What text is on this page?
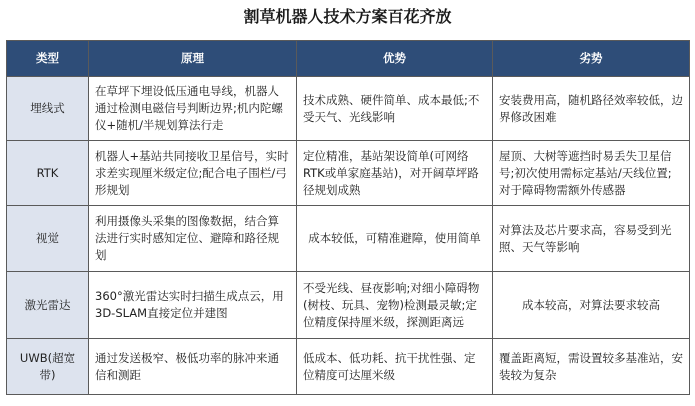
割草机器人技术方案百花齐放
类型	原理	优势	劣势
埋线式	在草坪下埋设低压通电导线，机器人通过检测电磁信号判断边界;机内陀螺仪+随机/半规划算法行走	技术成熟、硬件简单、成本最低;不受天气、光线影响	安装费用高，随机路径效率较低，边界修改困难
RTK	机器人+基站共同接收卫星信号，实时求差实现厘米级定位;配合电子围栏/弓形规划	定位精准，基站架设简单(可网络RTK或单家庭基站)，对开阔草坪路径规划成熟	屋顶、大树等遮挡时易丢失卫星信号;初次使用需标定基站/天线位置;对于障碍物需额外传感器
视觉	利用摄像头采集的图像数据，结合算法进行实时感知定位、避障和路径规划	成本较低，可精准避障，使用简单	对算法及芯片要求高，容易受到光照、天气等影响
激光雷达	360°激光雷达实时扫描生成点云，用3D-SLAM直接定位并建图	不受光线、昼夜影响;对细小障碍物(树枝、玩具、宠物)检测最灵敏;定位精度保持厘米级，探测距离远	成本较高，对算法要求较高
UWB(超宽带)	通过发送极窄、极低功率的脉冲来通信和测距	低成本、低功耗、抗干扰性强、定位精度可达厘米级	覆盖距离短，需设置较多基准站，安装较为复杂
